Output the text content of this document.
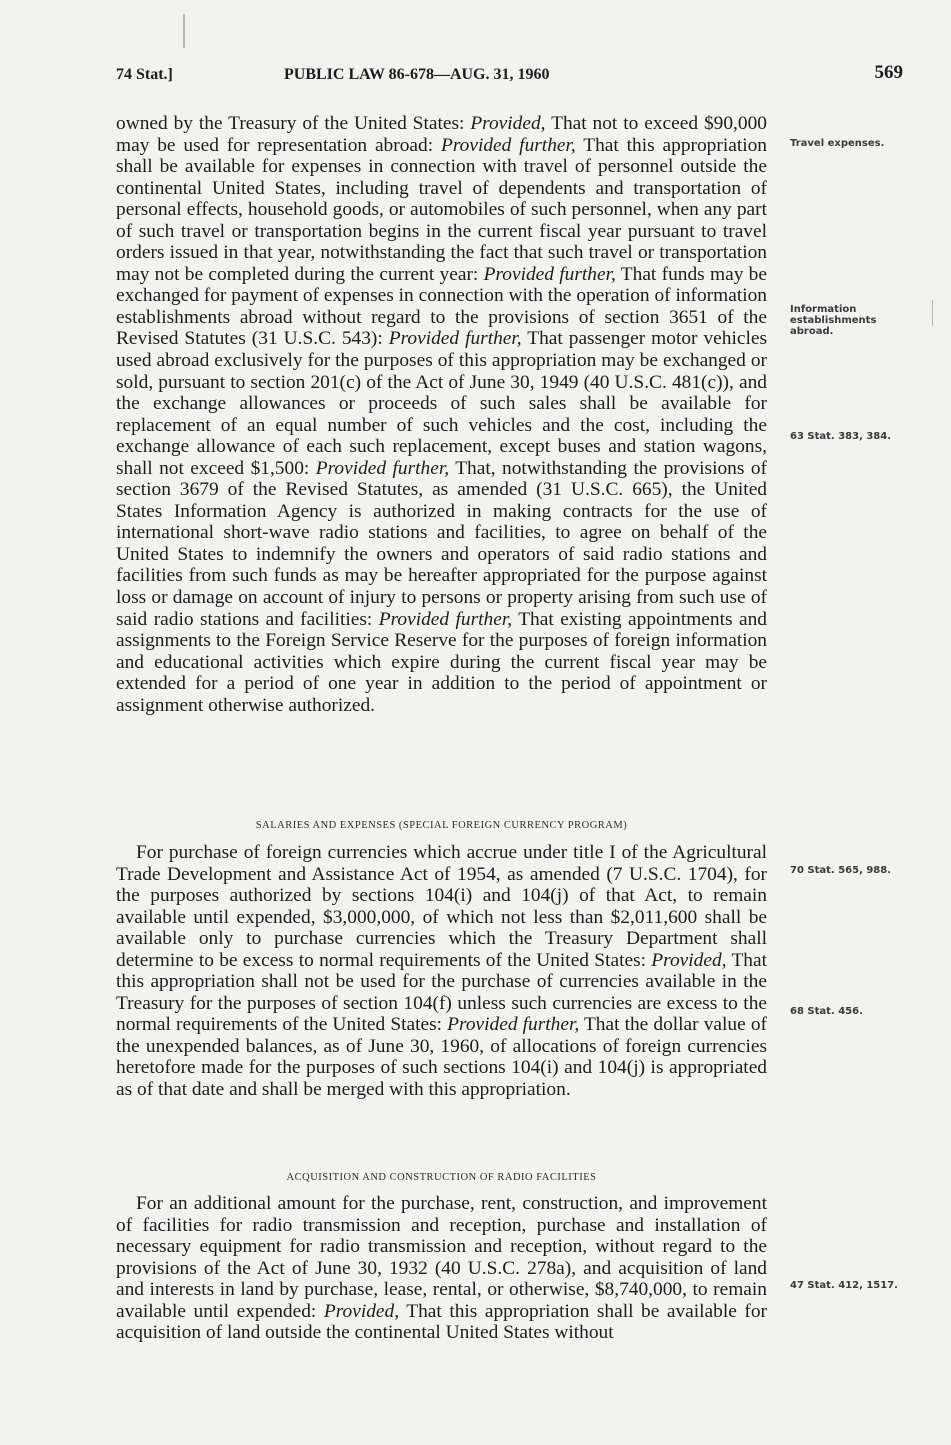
74 Stat.]	PUBLIC LAW 86-678—AUG. 31, 1960	569

owned by the Treasury of the United States: Provided, That not to exceed $90,000 may be used for representation abroad: Provided further, That this appropriation shall be available for expenses in connection with travel of personnel outside the continental United States, including travel of dependents and transportation of personal effects, household goods, or automobiles of such personnel, when any part of such travel or transportation begins in the current fiscal year pursuant to travel orders issued in that year, notwithstanding the fact that such travel or transportation may not be completed during the current year: Provided further, That funds may be exchanged for payment of expenses in connection with the operation of information establishments abroad without regard to the provisions of section 3651 of the Revised Statutes (31 U.S.C. 543): Provided further, That passenger motor vehicles used abroad exclusively for the purposes of this appropriation may be exchanged or sold, pursuant to section 201(c) of the Act of June 30, 1949 (40 U.S.C. 481(c)), and the exchange allowances or proceeds of such sales shall be available for replacement of an equal number of such vehicles and the cost, including the exchange allowance of each such replacement, except buses and station wagons, shall not exceed $1,500: Provided further, That, notwithstanding the provisions of section 3679 of the Revised Statutes, as amended (31 U.S.C. 665), the United States Information Agency is authorized in making contracts for the use of international short-wave radio stations and facilities, to agree on behalf of the United States to indemnify the owners and operators of said radio stations and facilities from such funds as may be hereafter appropriated for the purpose against loss or damage on account of injury to persons or property arising from such use of said radio stations and facilities: Provided further, That existing appointments and assignments to the Foreign Service Reserve for the purposes of foreign information and educational activities which expire during the current fiscal year may be extended for a period of one year in addition to the period of appointment or assignment otherwise authorized.

SALARIES AND EXPENSES (SPECIAL FOREIGN CURRENCY PROGRAM)

For purchase of foreign currencies which accrue under title I of the Agricultural Trade Development and Assistance Act of 1954, as amended (7 U.S.C. 1704), for the purposes authorized by sections 104(i) and 104(j) of that Act, to remain available until expended, $3,000,000, of which not less than $2,011,600 shall be available only to purchase currencies which the Treasury Department shall determine to be excess to normal requirements of the United States: Provided, That this appropriation shall not be used for the purchase of currencies available in the Treasury for the purposes of section 104(f) unless such currencies are excess to the normal requirements of the United States: Provided further, That the dollar value of the unexpended balances, as of June 30, 1960, of allocations of foreign currencies heretofore made for the purposes of such sections 104(i) and 104(j) is appropriated as of that date and shall be merged with this appropriation.

ACQUISITION AND CONSTRUCTION OF RADIO FACILITIES

For an additional amount for the purchase, rent, construction, and improvement of facilities for radio transmission and reception, purchase and installation of necessary equipment for radio transmission and reception, without regard to the provisions of the Act of June 30, 1932 (40 U.S.C. 278a), and acquisition of land and interests in land by purchase, lease, rental, or otherwise, $8,740,000, to remain available until expended: Provided, That this appropriation shall be available for acquisition of land outside the continental United States without

Travel expenses.
Information establishments abroad.
63 Stat. 383, 384.
70 Stat. 565, 988.
68 Stat. 456.
47 Stat. 412, 1517.
